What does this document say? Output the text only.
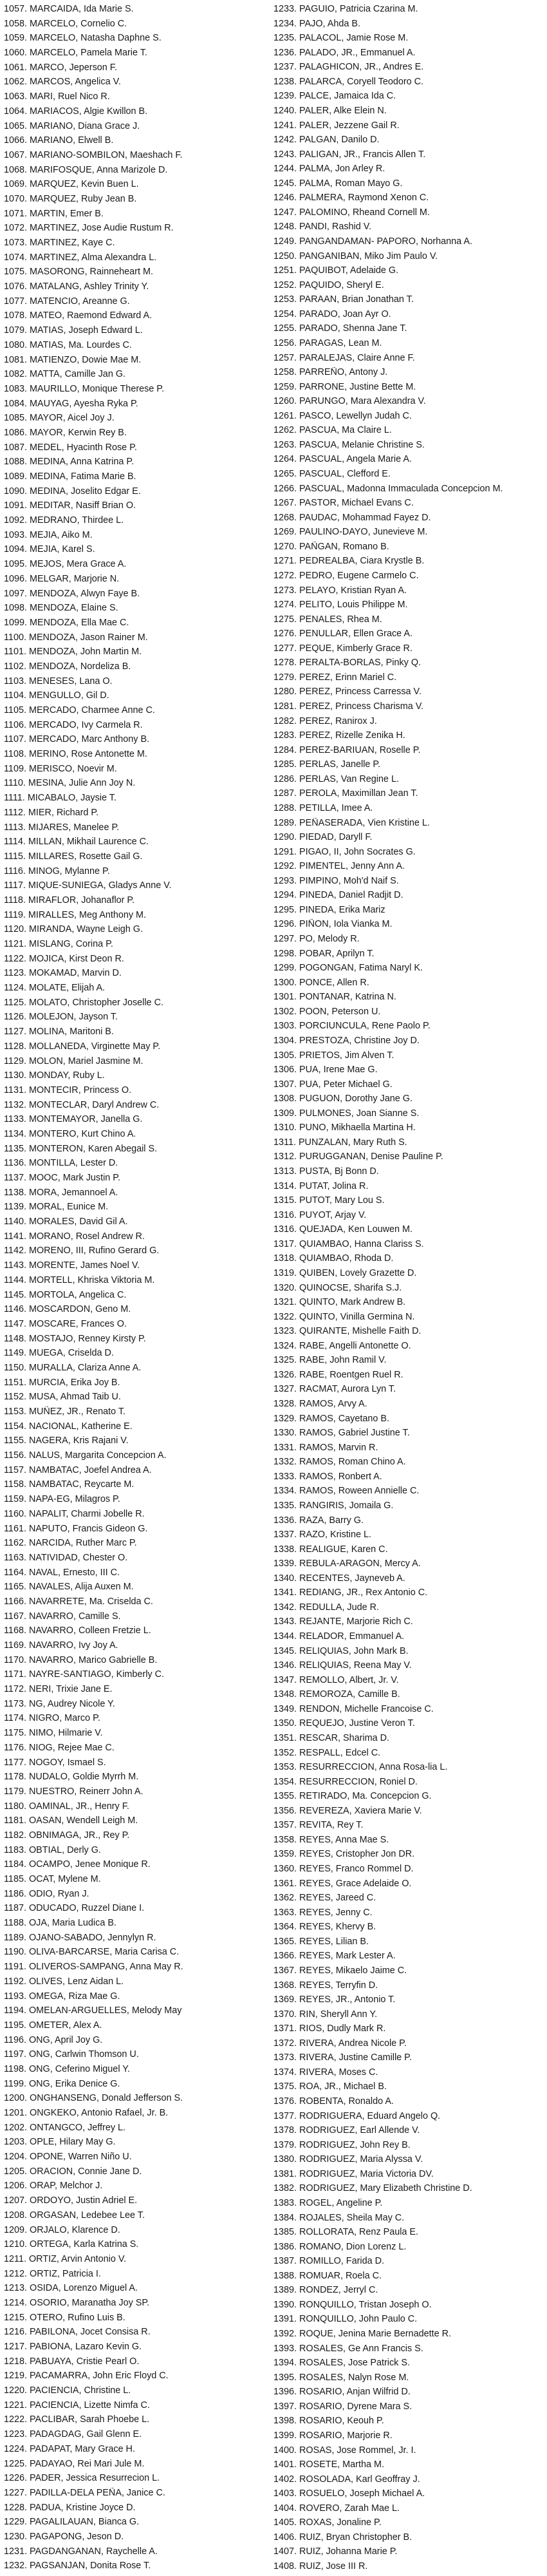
1057. MARCAIDA, Ida Marie S.
1058. MARCELO, Cornelio C.
1059. MARCELO, Natasha Daphne S.
1060. MARCELO, Pamela Marie T.
1061. MARCO, Jeperson F.
1062. MARCOS, Angelica V.
1063. MARI, Ruel Nico R.
1064. MARIACOS, Algie Kwillon B.
1065. MARIANO, Diana Grace J.
1066. MARIANO, Elwell B.
1067. MARIANO-SOMBILON, Maeshach F.
1068. MARIFOSQUE, Anna Marizole D.
1069. MARQUEZ, Kevin Buen L.
1070. MARQUEZ, Ruby Jean B.
1071. MARTIN, Emer B.
1072. MARTINEZ, Jose Audie Rustum R.
1073. MARTINEZ, Kaye C.
1074. MARTINEZ, Alma Alexandra L.
1075. MASORONG, Rainneheart M.
1076. MATALANG, Ashley Trinity Y.
1077. MATENCIO, Areanne G.
1078. MATEO, Raemond Edward A.
1079. MATIAS, Joseph Edward L.
1080. MATIAS, Ma. Lourdes C.
1081. MATIENZO, Dowie Mae M.
1082. MATTA, Camille Jan G.
1083. MAURILLO, Monique Therese P.
1084. MAUYAG, Ayesha Ryka P.
1085. MAYOR, Aicel Joy J.
1086. MAYOR, Kerwin Rey B.
1087. MEDEL, Hyacinth Rose P.
1088. MEDINA, Anna Katrina P.
1089. MEDINA, Fatima Marie B.
1090. MEDINA, Joselito Edgar E.
1091. MEDITAR, Nasiff Brian O.
1092. MEDRANO, Thirdee L.
1093. MEJIA, Aiko M.
1094. MEJIA, Karel S.
1095. MEJOS, Mera Grace A.
1096. MELGAR, Marjorie N.
1097. MENDOZA, Alwyn Faye B.
1098. MENDOZA, Elaine S.
1099. MENDOZA, Ella Mae C.
1100. MENDOZA, Jason Rainer M.
1101. MENDOZA, John Martin M.
1102. MENDOZA, Nordeliza B.
1103. MENESES, Lana O.
1104. MENGULLO, Gil D.
1105. MERCADO, Charmee Anne C.
1106. MERCADO, Ivy Carmela R.
1107. MERCADO, Marc Anthony B.
1108. MERINO, Rose Antonette M.
1109. MERISCO, Noevir M.
1110. MESINA, Julie Ann Joy N.
1111. MICABALO, Jaysie T.
1112. MIER, Richard P.
1113. MIJARES, Manelee P.
1114. MILLAN, Mikhail Laurence C.
1115. MILLARES, Rosette Gail G.
1116. MINOG, Mylanne P.
1117. MIQUE-SUNIEGA, Gladys Anne V.
1118. MIRAFLOR, Johanaflor P.
1119. MIRALLES, Meg Anthony M.
1120. MIRANDA, Wayne Leigh G.
1121. MISLANG, Corina P.
1122. MOJICA, Kirst Deon R.
1123. MOKAMAD, Marvin D.
1124. MOLATE, Elijah A.
1125. MOLATO, Christopher Joselle C.
1126. MOLEJON, Jayson T.
1127. MOLINA, Maritoni B.
1128. MOLLANEDA, Virginette May P.
1129. MOLON, Mariel Jasmine M.
1130. MONDAY, Ruby L.
1131. MONTECIR, Princess O.
1132. MONTECLAR, Daryl Andrew C.
1133. MONTEMAYOR, Janella G.
1134. MONTERO, Kurt Chino A.
1135. MONTERON, Karen Abegail S.
1136. MONTILLA, Lester D.
1137. MOOC, Mark Justin P.
1138. MORA, Jemannoel A.
1139. MORAL, Eunice M.
1140. MORALES, David Gil A.
1141. MORANO, Rosel Andrew R.
1142. MORENO, III, Rufino Gerard G.
1143. MORENTE, James Noel V.
1144. MORTELL, Khriska Viktoria M.
1145. MORTOLA, Angelica C.
1146. MOSCARDON, Geno M.
1147. MOSCARE, Frances O.
1148. MOSTAJO, Renney Kirsty P.
1149. MUEGA, Criselda D.
1150. MURALLA, Clariza Anne A.
1151. MURCIA, Erika Joy B.
1152. MUSA, Ahmad Taib U.
1153. MUÑEZ, JR., Renato T.
1154. NACIONAL, Katherine E.
1155. NAGERA, Kris Rajani V.
1156. NALUS, Margarita Concepcion A.
1157. NAMBATAC, Joefel Andrea A.
1158. NAMBATAC, Reycarte M.
1159. NAPA-EG, Milagros P.
1160. NAPALIT, Charmi Jobelle R.
1161. NAPUTO, Francis Gideon G.
1162. NARCIDA, Ruther Marc P.
1163. NATIVIDAD, Chester O.
1164. NAVAL, Ernesto, III C.
1165. NAVALES, Alija Auxen M.
1166. NAVARRETE, Ma. Criselda C.
1167. NAVARRO, Camille S.
1168. NAVARRO, Colleen Fretzie L.
1169. NAVARRO, Ivy Joy A.
1170. NAVARRO, Marico Gabrielle B.
1171. NAYRE-SANTIAGO, Kimberly C.
1172. NERI, Trixie Jane E.
1173. NG, Audrey Nicole Y.
1174. NIGRO, Marco P.
1175. NIMO, Hilmarie V.
1176. NIOG, Rejee Mae C.
1177. NOGOY, Ismael S.
1178. NUDALO, Goldie Myrrh M.
1179. NUESTRO, Reinerr John A.
1180. OAMINAL, JR., Henry F.
1181. OASAN, Wendell Leigh M.
1182. OBNIMAGA, JR., Rey P.
1183. OBTIAL, Derly G.
1184. OCAMPO, Jenee Monique R.
1185. OCAT, Mylene M.
1186. ODIO, Ryan J.
1187. ODUCADO, Ruzzel Diane I.
1188. OJA, Maria Ludica B.
1189. OJANO-SABADO, Jennylyn R.
1190. OLIVA-BARCARSE, Maria Carisa C.
1191. OLIVEROS-SAMPANG, Anna May R.
1192. OLIVES, Lenz Aidan L.
1193. OMEGA, Riza Mae G.
1194. OMELAN-ARGUELLES, Melody May
1195. OMETER, Alex A.
1196. ONG, April Joy G.
1197. ONG, Carlwin Thomson U.
1198. ONG, Ceferino Miguel Y.
1199. ONG, Erika Denice G.
1200. ONGHANSENG, Donald Jefferson S.
1201. ONGKEKO, Antonio Rafael, Jr. B.
1202. ONTANGCO, Jeffrey L.
1203. OPLE, Hilary May G.
1204. OPONE, Warren Niño U.
1205. ORACION, Connie Jane D.
1206. ORAP, Melchor J.
1207. ORDOYO, Justin Adriel E.
1208. ORGASAN, Ledebee Lee T.
1209. ORJALO, Klarence D.
1210. ORTEGA, Karla Katrina S.
1211. ORTIZ, Arvin Antonio V.
1212. ORTIZ, Patricia I.
1213. OSIDA, Lorenzo Miguel A.
1214. OSORIO, Maranatha Joy SP.
1215. OTERO, Rufino Luis B.
1216. PABILONA, Jocet Consisa R.
1217. PABIONA, Lazaro Kevin G.
1218. PABUAYA, Cristie Pearl O.
1219. PACAMARRA, John Eric Floyd C.
1220. PACIENCIA, Christine L.
1221. PACIENCIA, Lizette Nimfa C.
1222. PACLIBAR, Sarah Phoebe L.
1223. PADAGDAG, Gail Glenn E.
1224. PADAPAT, Mary Grace H.
1225. PADAYAO, Rei Mari Jule M.
1226. PADER, Jessica Resurrecion L.
1227. PADILLA-DELA PEÑA, Janice C.
1228. PADUA, Kristine Joyce D.
1229. PAGALILAUAN, Bianca G.
1230. PAGAPONG, Jeson D.
1231. PAGDANGANAN, Raychelle A.
1232. PAGSANJAN, Donita Rose T.
1233. PAGUIO, Patricia Czarina M.
1234. PAJO, Ahda B.
1235. PALACOL, Jamie Rose M.
1236. PALADO, JR., Emmanuel A.
1237. PALAGHICON, JR., Andres E.
1238. PALARCA, Coryell Teodoro C.
1239. PALCE, Jamaica Ida C.
1240. PALER, Alke Elein N.
1241. PALER, Jezzene Gail R.
1242. PALGAN, Danilo D.
1243. PALIGAN, JR., Francis Allen T.
1244. PALMA, Jon Arley R.
1245. PALMA, Roman Mayo G.
1246. PALMERA, Raymond Xenon C.
1247. PALOMINO, Rheand Cornell M.
1248. PANDI, Rashid V.
1249. PANGANDAMAN- PAPORO, Norhanna A.
1250. PANGANIBAN, Miko Jim Paulo V.
1251. PAQUIBOT, Adelaide G.
1252. PAQUIDO, Sheryl E.
1253. PARAAN, Brian Jonathan T.
1254. PARADO, Joan Ayr O.
1255. PARADO, Shenna Jane T.
1256. PARAGAS, Lean M.
1257. PARALEJAS, Claire Anne F.
1258. PARREÑO, Antony J.
1259. PARRONE, Justine Bette M.
1260. PARUNGO, Mara Alexandra V.
1261. PASCO, Lewellyn Judah C.
1262. PASCUA, Ma Claire L.
1263. PASCUA, Melanie Christine S.
1264. PASCUAL, Angela Marie A.
1265. PASCUAL, Clefford E.
1266. PASCUAL, Madonna Immaculada Concepcion M.
1267. PASTOR, Michael Evans C.
1268. PAUDAC, Mohammad Fayez D.
1269. PAULINO-DAYO, Junevieve M.
1270. PAÑGAN, Romano B.
1271. PEDREALBA, Ciara Krystle B.
1272. PEDRO, Eugene Carmelo C.
1273. PELAYO, Kristian Ryan A.
1274. PELITO, Louis Philippe M.
1275. PENALES, Rhea M.
1276. PENULLAR, Ellen Grace A.
1277. PEQUE, Kimberly Grace R.
1278. PERALTA-BORLAS, Pinky Q.
1279. PEREZ, Erinn Mariel C.
1280. PEREZ, Princess Carressa V.
1281. PEREZ, Princess Charisma V.
1282. PEREZ, Ranirox J.
1283. PEREZ, Rizelle Zenika H.
1284. PEREZ-BARIUAN, Roselle P.
1285. PERLAS, Janelle P.
1286. PERLAS, Van Regine L.
1287. PEROLA, Maximillan Jean T.
1288. PETILLA, Imee A.
1289. PEÑASERADA, Vien Kristine L.
1290. PIEDAD, Daryll F.
1291. PIGAO, II, John Socrates G.
1292. PIMENTEL, Jenny Ann A.
1293. PIMPINO, Moh'd Naif S.
1294. PINEDA, Daniel Radjit D.
1295. PINEDA, Erika Mariz
1296. PIÑON, Iola Vianka M.
1297. PO, Melody R.
1298. POBAR, Aprilyn T.
1299. POGONGAN, Fatima Naryl K.
1300. PONCE, Allen R.
1301. PONTANAR, Katrina N.
1302. POON, Peterson U.
1303. PORCIUNCULA, Rene Paolo P.
1304. PRESTOZA, Christine Joy D.
1305. PRIETOS, Jim Alven T.
1306. PUA, Irene Mae G.
1307. PUA, Peter Michael G.
1308. PUGUON, Dorothy Jane G.
1309. PULMONES, Joan Sianne S.
1310. PUNO, Mikhaella Martina H.
1311. PUNZALAN, Mary Ruth S.
1312. PURUGGANAN, Denise Pauline P.
1313. PUSTA, Bj Bonn D.
1314. PUTAT, Jolina R.
1315. PUTOT, Mary Lou S.
1316. PUYOT, Arjay V.
1316. QUEJADA, Ken Louwen M.
1317. QUIAMBAO, Hanna Clariss S.
1318. QUIAMBAO, Rhoda D.
1319. QUIBEN, Lovely Grazette D.
1320. QUINOCSE, Sharifa S.J.
1321. QUINTO, Mark Andrew B.
1322. QUINTO, Vinilla Germina N.
1323. QUIRANTE, Mishelle Faith D.
1324. RABE, Angelli Antonette O.
1325. RABE, John Ramil V.
1326. RABE, Roentgen Ruel R.
1327. RACMAT, Aurora Lyn T.
1328. RAMOS, Arvy A.
1329. RAMOS, Cayetano B.
1330. RAMOS, Gabriel Justine T.
1331. RAMOS, Marvin R.
1332. RAMOS, Roman Chino A.
1333. RAMOS, Ronbert A.
1334. RAMOS, Roween Annielle C.
1335. RANGIRIS, Jomaila G.
1336. RAZA, Barry G.
1337. RAZO, Kristine L.
1338. REALIGUE, Karen C.
1339. REBULA-ARAGON, Mercy A.
1340. RECENTES, Jayneveb A.
1341. REDIANG, JR., Rex Antonio C.
1342. REDULLA, Jude R.
1343. REJANTE, Marjorie Rich C.
1344. RELADOR, Emmanuel A.
1345. RELIQUIAS, John Mark B.
1346. RELIQUIAS, Reena May V.
1347. REMOLLO, Albert, Jr. V.
1348. REMOROZA, Camille B.
1349. RENDON, Michelle Francoise C.
1350. REQUEJO, Justine Veron T.
1351. RESCAR, Sharima D.
1352. RESPALL, Edcel C.
1353. RESURRECCION, Anna Rosa-lia L.
1354. RESURRECCION, Roniel D.
1355. RETIRADO, Ma. Concepcion G.
1356. REVEREZA, Xaviera Marie V.
1357. REVITA, Rey T.
1358. REYES, Anna Mae S.
1359. REYES, Cristopher Jon DR.
1360. REYES, Franco Rommel D.
1361. REYES, Grace Adelaide O.
1362. REYES, Jareed C.
1363. REYES, Jenny C.
1364. REYES, Khervy B.
1365. REYES, Lilian B.
1366. REYES, Mark Lester A.
1367. REYES, Mikaelo Jaime C.
1368. REYES, Terryfin D.
1369. REYES, JR., Antonio T.
1370. RIN, Sheryll Ann Y.
1371. RIOS, Dudly Mark R.
1372. RIVERA, Andrea Nicole P.
1373. RIVERA, Justine Camille P.
1374. RIVERA, Moses C.
1375. ROA, JR., Michael B.
1376. ROBENTA, Ronaldo A.
1377. RODRIGUERA, Eduard Angelo Q.
1378. RODRIGUEZ, Earl Allende V.
1379. RODRIGUEZ, John Rey B.
1380. RODRIGUEZ, Maria Alyssa V.
1381. RODRIGUEZ, Maria Victoria DV.
1382. RODRIGUEZ, Mary Elizabeth Christine D.
1383. ROGEL, Angeline P.
1384. ROJALES, Sheila May C.
1385. ROLLORATA, Renz Paula E.
1386. ROMANO, Dion Lorenz L.
1387. ROMILLO, Farida D.
1388. ROMUAR, Roela C.
1389. RONDEZ, Jerryl C.
1390. RONQUILLO, Tristan Joseph O.
1391. RONQUILLO, John Paulo C.
1392. ROQUE, Jenina Marie Bernadette R.
1393. ROSALES, Ge Ann Francis S.
1394. ROSALES, Jose Patrick S.
1395. ROSALES, Nalyn Rose M.
1396. ROSARIO, Anjan Wilfrid D.
1397. ROSARIO, Dyrene Mara S.
1398. ROSARIO, Keouh P.
1399. ROSARIO, Marjorie R.
1400. ROSAS, Jose Rommel, Jr. I.
1401. ROSETE, Martha M.
1402. ROSOLADA, Karl Geoffray J.
1403. ROSUELO, Joseph Michael A.
1404. ROVERO, Zarah Mae L.
1405. ROXAS, Jonaline P.
1406. RUIZ, Bryan Christopher B.
1407. RUIZ, Johanna Marie P.
1408. RUIZ, Jose III R.
